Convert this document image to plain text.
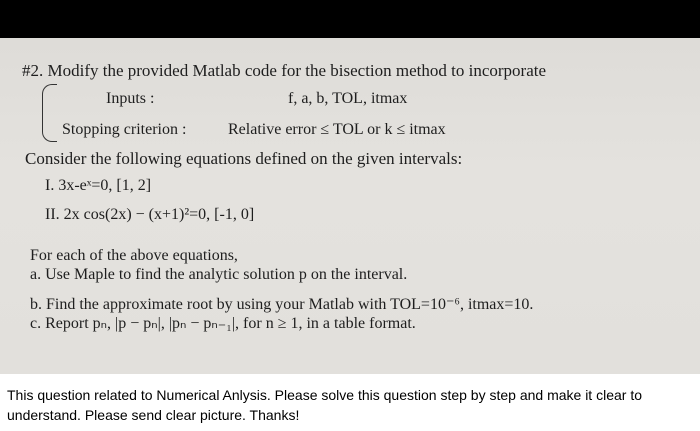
#2. Modify the provided Matlab code for the bisection method to incorporate
Inputs :	f, a, b, TOL, itmax
Stopping criterion :	Relative error ≤ TOL or k ≤ itmax
Consider the following equations defined on the given intervals:
I. 3x-eˣ=0, [1, 2]
II. 2x cos(2x) − (x+1)²=0, [-1, 0]
For each of the above equations,
a. Use Maple to find the analytic solution p on the interval.
b. Find the approximate root by using your Matlab with TOL=10⁻⁶, itmax=10.
c. Report pₙ, |p − pₙ|, |pₙ − pₙ₋₁|, for n ≥ 1, in a table format.
This question related to Numerical Anlysis. Please solve this question step by step and make it clear to understand. Please send clear picture. Thanks!
